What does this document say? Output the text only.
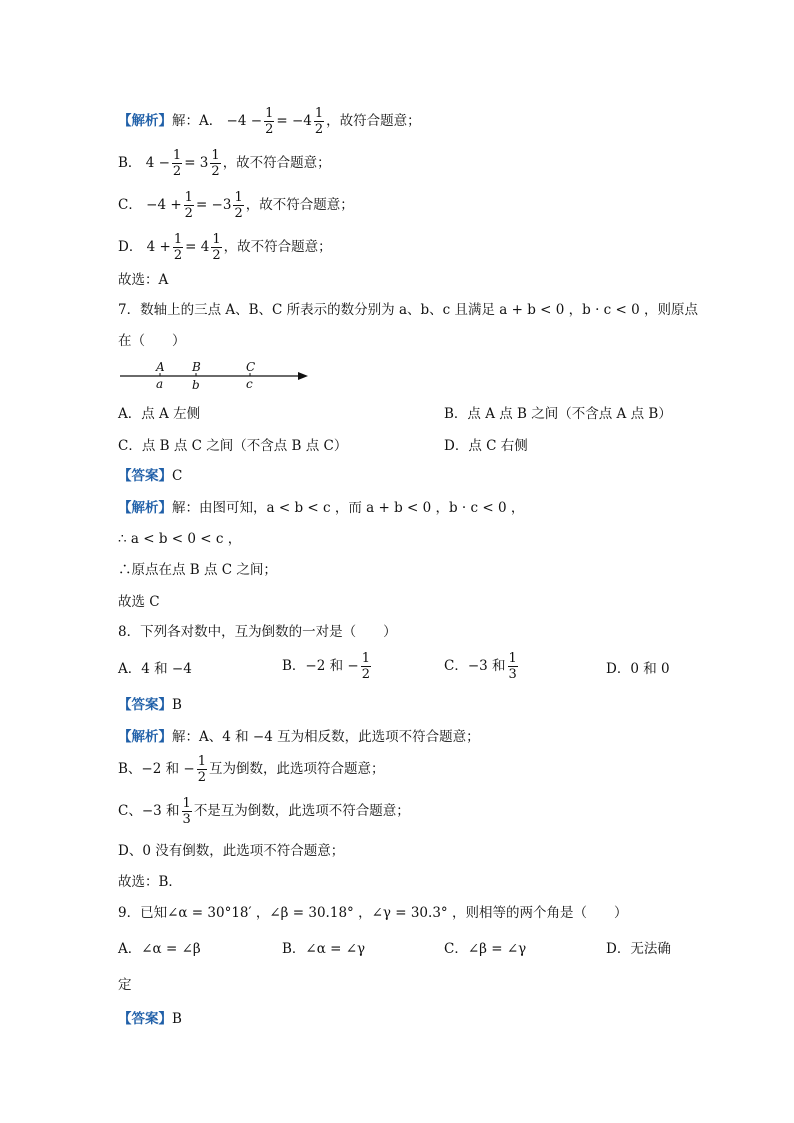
【解析】解：A． $-4 - \frac{1}{2} = -4 \frac{1}{2}$ ，故符合题意；
B． $4 - \frac{1}{2} = 3 \frac{1}{2}$ ，故不符合题意；
C． $-4 + \frac{1}{2} = -3 \frac{1}{2}$ ，故不符合题意；
D． $4 + \frac{1}{2} = 4 \frac{1}{2}$ ，故不符合题意；
故选：A
7．数轴上的三点 A、B、C 所表示的数分别为 a、b、c 且满足 a + b < 0 ，b · c < 0 ，则原点
在（　　）
A B	C
a b	c
A．点 A 左侧	B．点 A 点 B 之间（不含点 A 点 B）
C．点 B 点 C 之间（不含点 B 点 C）	D．点 C 右侧
【答案】C
【解析】解：由图可知，a < b < c ，而 a + b < 0 ，b · c < 0 ，
∴ a < b < 0 < c ，
∴原点在点 B 点 C 之间；
故选 C
8．下列各对数中，互为倒数的一对是（　　）
A．4 和 −4	B．−2 和 − $\frac{1}{2}$	C．−3 和 $\frac{1}{3}$	D．0 和 0
【答案】B
【解析】解：A、4 和 −4 互为相反数，此选项不符合题意；
B、−2 和 − $\frac{1}{2}$ 互为倒数，此选项符合题意；
C、−3 和 $\frac{1}{3}$ 不是互为倒数，此选项不符合题意；
D、0 没有倒数，此选项不符合题意；
故选：B．
9．已知∠α = 30°18′ ，∠β = 30.18° ，∠γ = 30.3° ，则相等的两个角是（　　）
A．∠α = ∠β	B．∠α = ∠γ	C．∠β = ∠γ	D．无法确
定
【答案】B
